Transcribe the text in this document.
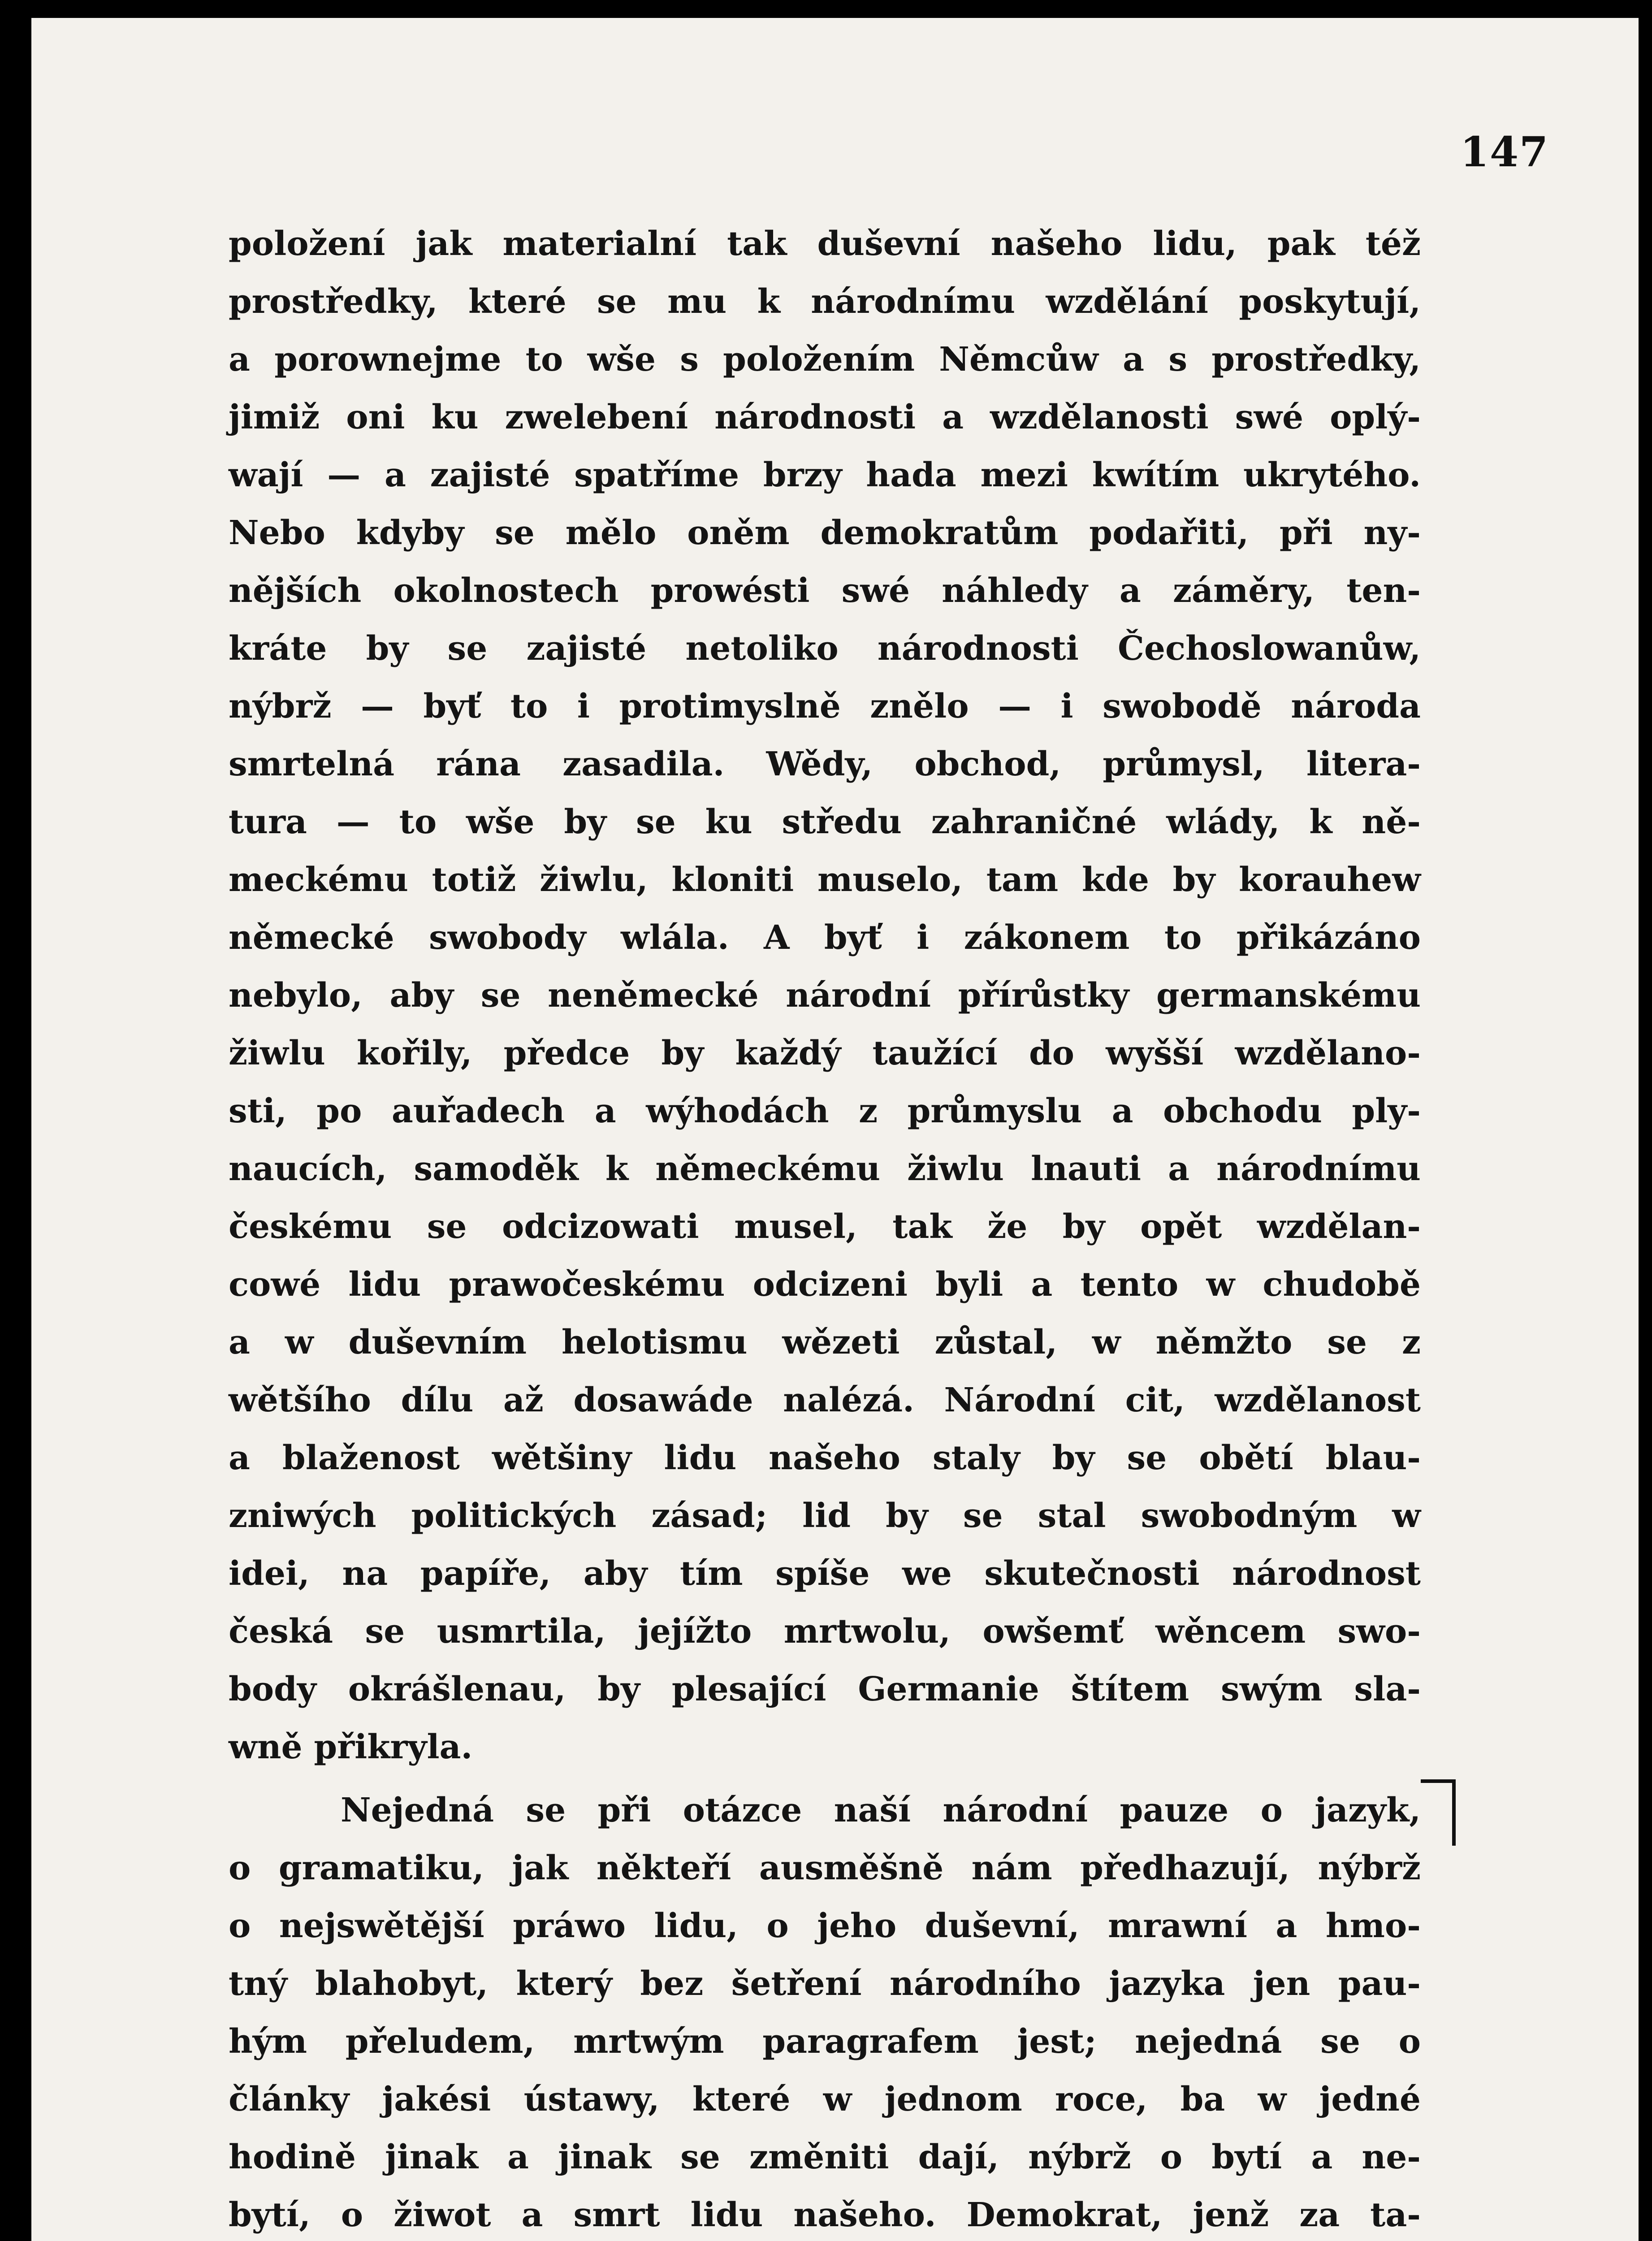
147
položení jak materialní tak duševní našeho lidu, pak též
prostředky, které se mu k národnímu wzdělání poskytují,
a porownejme to wše s položením Němcůw a s prostředky,
jimiž oni ku zwelebení národnosti a wzdělanosti swé oplý-
wají — a zajisté spatříme brzy hada mezi kwítím ukrytého.
Nebo kdyby se mělo oněm demokratům podařiti, při ny-
nějších okolnostech prowésti swé náhledy a záměry, ten-
kráte by se zajisté netoliko národnosti Čechoslowanůw,
nýbrž — byť to i protimyslně znělo — i swobodě národa
smrtelná rána zasadila. Wědy, obchod, průmysl, litera-
tura — to wše by se ku středu zahraničné wlády, k ně-
meckému totiž žiwlu, kloniti muselo, tam kde by korauhew
německé swobody wlála. A byť i zákonem to přikázáno
nebylo, aby se neněmecké národní přírůstky germanskému
žiwlu kořily, předce by každý taužící do wyšší wzdělano-
sti, po auřadech a wýhodách z průmyslu a obchodu ply-
naucích, samoděk k německému žiwlu lnauti a národnímu
českému se odcizowati musel, tak že by opět wzdělan-
cowé lidu prawočeskému odcizeni byli a tento w chudobě
a w duševním helotismu wězeti zůstal, w němžto se z
wětšího dílu až dosawáde nalézá. Národní cit, wzdělanost
a blaženost wětšiny lidu našeho staly by se obětí blau-
zniwých politických zásad; lid by se stal swobodným w
idei, na papíře, aby tím spíše we skutečnosti národnost
česká se usmrtila, jejížto mrtwolu, owšemť wěncem swo-
body okrášlenau, by plesající Germanie štítem swým sla-
wně přikryla.
Nejedná se při otázce naší národní pauze o jazyk,
o gramatiku, jak někteří ausměšně nám předhazují, nýbrž
o nejswětější práwo lidu, o jeho duševní, mrawní a hmo-
tný blahobyt, který bez šetření národního jazyka jen pau-
hým přeludem, mrtwým paragrafem jest; nejedná se o
články jakési ústawy, které w jednom roce, ba w jedné
hodině jinak a jinak se změniti dají, nýbrž o bytí a ne-
bytí, o žiwot a smrt lidu našeho. Demokrat, jenž za ta-
